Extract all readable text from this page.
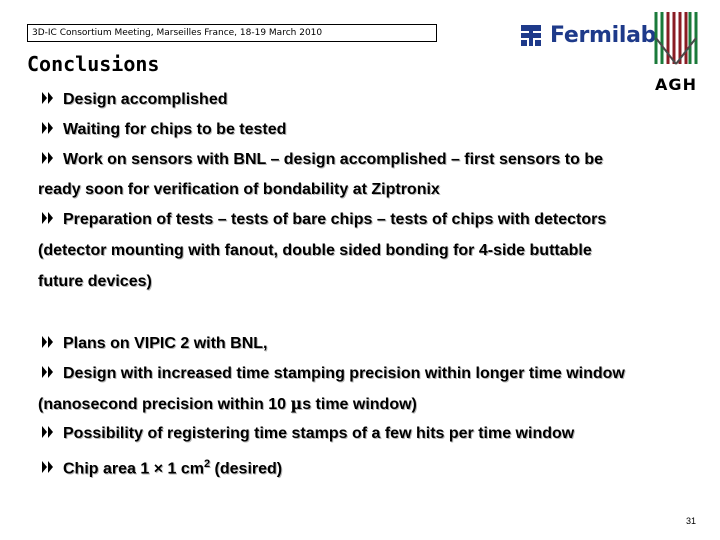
3D-IC Consortium Meeting, Marseilles France, 18-19 March 2010
Conclusions
Fermilab
AGH
Design accomplished
Waiting for chips to be tested
Work on sensors with BNL – design accomplished – first sensors to be
ready soon for verification of bondability at Ziptronix
Preparation of tests – tests of bare chips – tests of chips with detectors
(detector mounting with fanout, double sided bonding for 4-side buttable
future devices)
Plans on VIPIC 2 with BNL,
Design with increased time stamping precision within longer time window
(nanosecond precision within 10 µs time window)
Possibility of registering time stamps of a few hits per time window
Chip area 1 × 1 $cm^2$ (desired)
31
